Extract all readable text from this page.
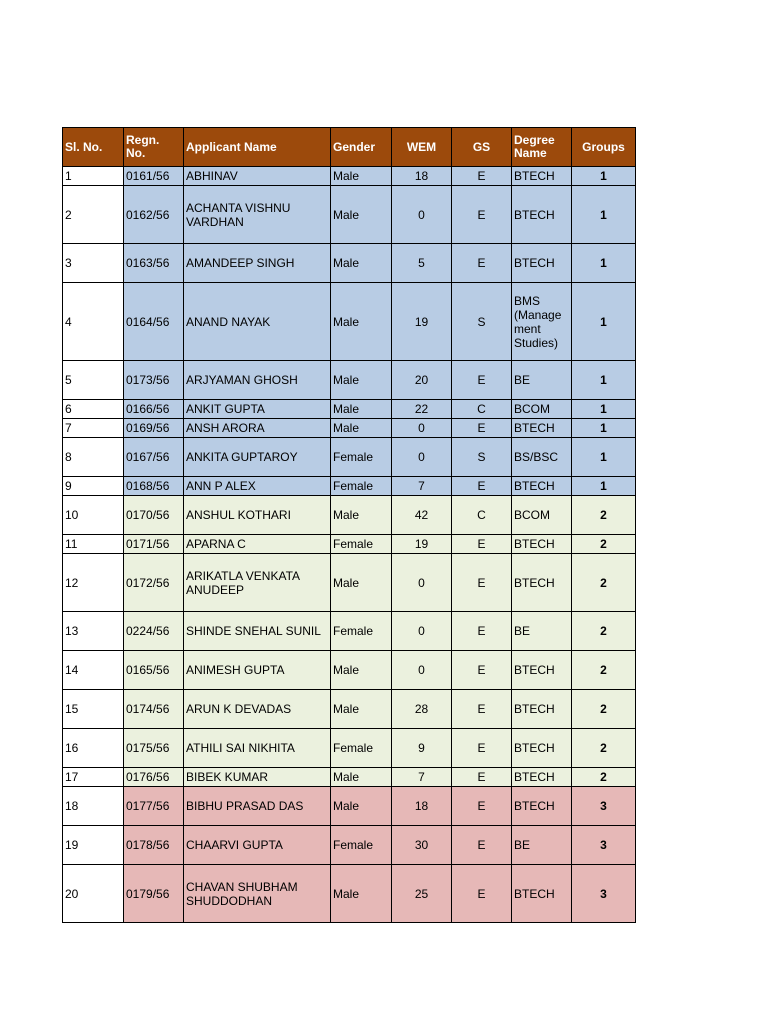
Sl. No.	Regn. No.	Applicant Name	Gender	WEM	GS	Degree Name	Groups
1	0161/56	ABHINAV	Male	18	E	BTECH	1
2	0162/56	ACHANTA VISHNU VARDHAN	Male	0	E	BTECH	1
3	0163/56	AMANDEEP SINGH	Male	5	E	BTECH	1
4	0164/56	ANAND NAYAK	Male	19	S	BMS (Manage ment Studies)	1
5	0173/56	ARJYAMAN GHOSH	Male	20	E	BE	1
6	0166/56	ANKIT GUPTA	Male	22	C	BCOM	1
7	0169/56	ANSH ARORA	Male	0	E	BTECH	1
8	0167/56	ANKITA GUPTAROY	Female	0	S	BS/BSC	1
9	0168/56	ANN P ALEX	Female	7	E	BTECH	1
10	0170/56	ANSHUL KOTHARI	Male	42	C	BCOM	2
11	0171/56	APARNA C	Female	19	E	BTECH	2
12	0172/56	ARIKATLA VENKATA ANUDEEP	Male	0	E	BTECH	2
13	0224/56	SHINDE SNEHAL SUNIL	Female	0	E	BE	2
14	0165/56	ANIMESH GUPTA	Male	0	E	BTECH	2
15	0174/56	ARUN K DEVADAS	Male	28	E	BTECH	2
16	0175/56	ATHILI SAI NIKHITA	Female	9	E	BTECH	2
17	0176/56	BIBEK KUMAR	Male	7	E	BTECH	2
18	0177/56	BIBHU PRASAD DAS	Male	18	E	BTECH	3
19	0178/56	CHAARVI GUPTA	Female	30	E	BE	3
20	0179/56	CHAVAN SHUBHAM SHUDDODHAN	Male	25	E	BTECH	3
